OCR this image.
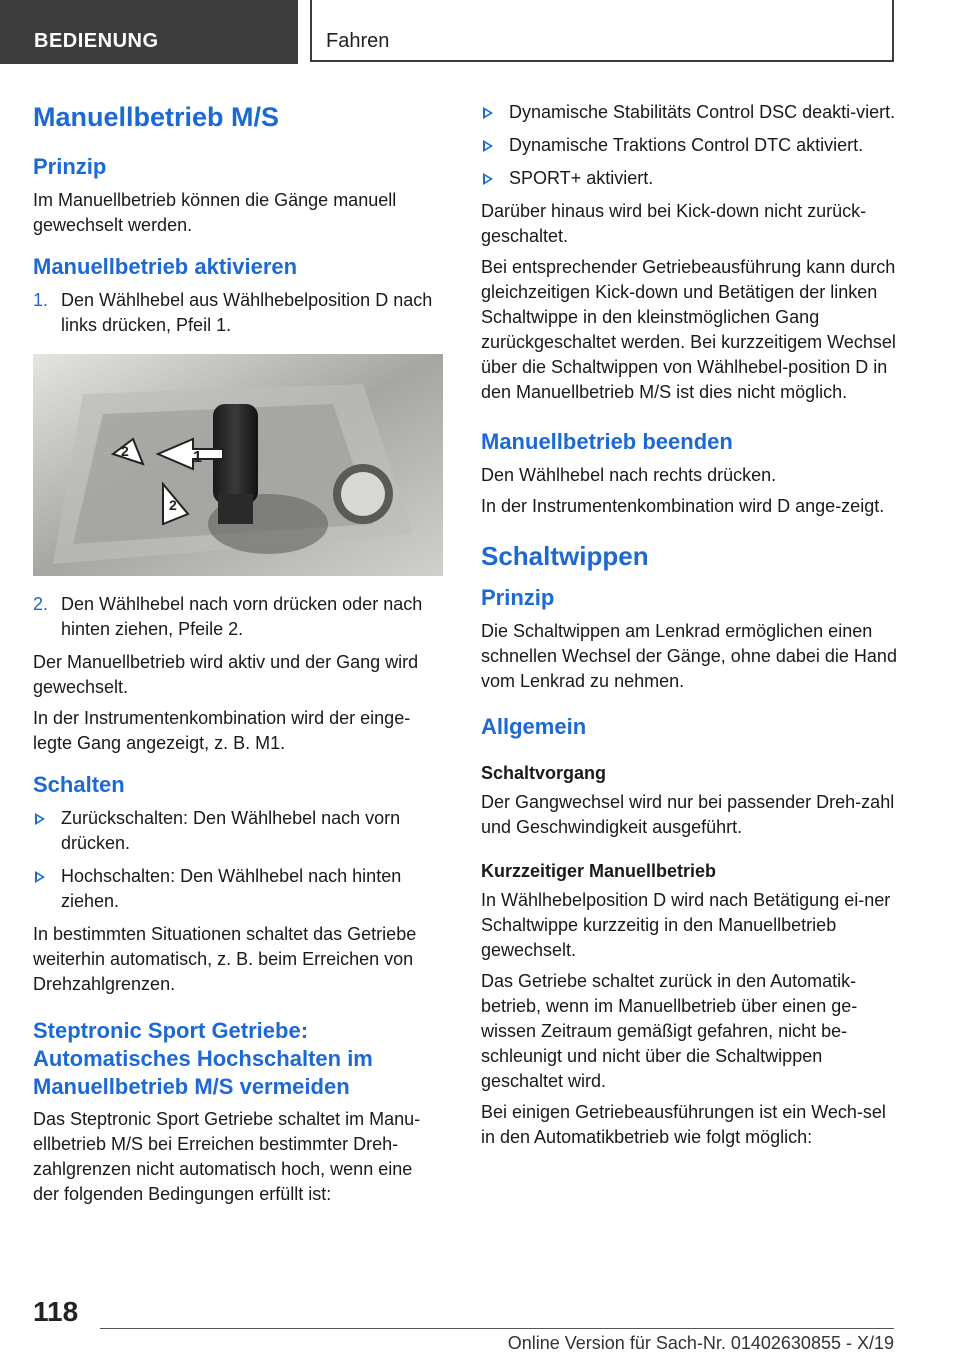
BEDIENUNG	Fahren
Manuellbetrieb M/S
Prinzip

Im Manuellbetrieb können die Gänge manuell gewechselt werden.

Manuellbetrieb aktivieren
1. Den Wählhebel aus Wählhebelposition D nach links drücken, Pfeil 1.
1
2
2
2. Den Wählhebel nach vorn drücken oder nach hinten ziehen, Pfeile 2.

Der Manuellbetrieb wird aktiv und der Gang wird gewechselt.

In der Instrumentenkombination wird der einge-legte Gang angezeigt, z. B. M1.

Schalten
Zurückschalten: Den Wählhebel nach vorn drücken.
Hochschalten: Den Wählhebel nach hinten ziehen.

In bestimmten Situationen schaltet das Getriebe weiterhin automatisch, z. B. beim Erreichen von Drehzahlgrenzen.

Steptronic Sport Getriebe:
Automatisches Hochschalten im
Manuellbetrieb M/S vermeiden

Das Steptronic Sport Getriebe schaltet im Manu-ellbetrieb M/S bei Erreichen bestimmter Dreh-zahlgrenzen nicht automatisch hoch, wenn eine der folgenden Bedingungen erfüllt ist:

Dynamische Stabilitäts Control DSC deakti-viert.
Dynamische Traktions Control DTC aktiviert.
SPORT+ aktiviert.

Darüber hinaus wird bei Kick-down nicht zurück-geschaltet.

Bei entsprechender Getriebeausführung kann durch gleichzeitigen Kick-down und Betätigen der linken Schaltwippe in den kleinstmöglichen Gang zurückgeschaltet werden. Bei kurzzeitigem Wechsel über die Schaltwippen von Wählhebel-position D in den Manuellbetrieb M/S ist dies nicht möglich.

Manuellbetrieb beenden

Den Wählhebel nach rechts drücken.

In der Instrumentenkombination wird D ange-zeigt.

Schaltwippen
Prinzip

Die Schaltwippen am Lenkrad ermöglichen einen schnellen Wechsel der Gänge, ohne dabei die Hand vom Lenkrad zu nehmen.

Allgemein
Schaltvorgang

Der Gangwechsel wird nur bei passender Dreh-zahl und Geschwindigkeit ausgeführt.

Kurzzeitiger Manuellbetrieb

In Wählhebelposition D wird nach Betätigung ei-ner Schaltwippe kurzzeitig in den Manuellbetrieb gewechselt.

Das Getriebe schaltet zurück in den Automatik-betrieb, wenn im Manuellbetrieb über einen ge-wissen Zeitraum gemäßigt gefahren, nicht be-schleunigt und nicht über die Schaltwippen geschaltet wird.

Bei einigen Getriebeausführungen ist ein Wech-sel in den Automatikbetrieb wie folgt möglich:

118
Online Version für Sach-Nr. 01402630855 - X/19
